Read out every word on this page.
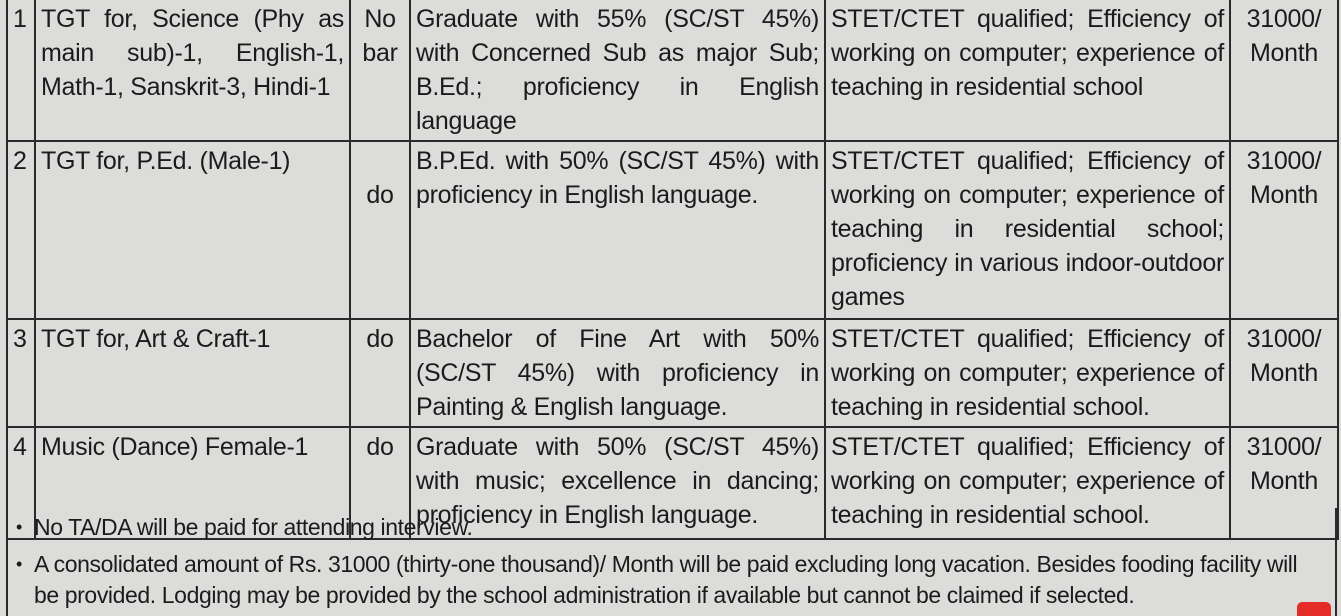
1	TGT for, Science (Phy as main sub)-1, English-1, Math-1, Sanskrit-3, Hindi-1	No bar	Graduate with 55% (SC/ST 45%) with Concerned Sub as major Sub; B.Ed.; proficiency in English language	STET/CTET qualified; Efficiency of working on computer; experience of teaching in residential school	31000/ Month
2	TGT for, P.Ed. (Male-1)	do	B.P.Ed. with 50% (SC/ST 45%) with proficiency in English language.	STET/CTET qualified; Efficiency of working on computer; experience of teaching in residential school; proficiency in various indoor-outdoor games	31000/ Month
3	TGT for, Art & Craft-1	do	Bachelor of Fine Art with 50% (SC/ST 45%) with proficiency in Painting & English language.	STET/CTET qualified; Efficiency of working on computer; experience of teaching in residential school.	31000/ Month
4	Music (Dance) Female-1	do	Graduate with 50% (SC/ST 45%) with music; excellence in dancing; proficiency in English language.	STET/CTET qualified; Efficiency of working on computer; experience of teaching in residential school.	31000/ Month
• No TA/DA will be paid for attending interview.
• A consolidated amount of Rs. 31000 (thirty-one thousand)/ Month will be paid excluding long vacation. Besides fooding facility will be provided. Lodging may be provided by the school administration if available but cannot be claimed if selected.
